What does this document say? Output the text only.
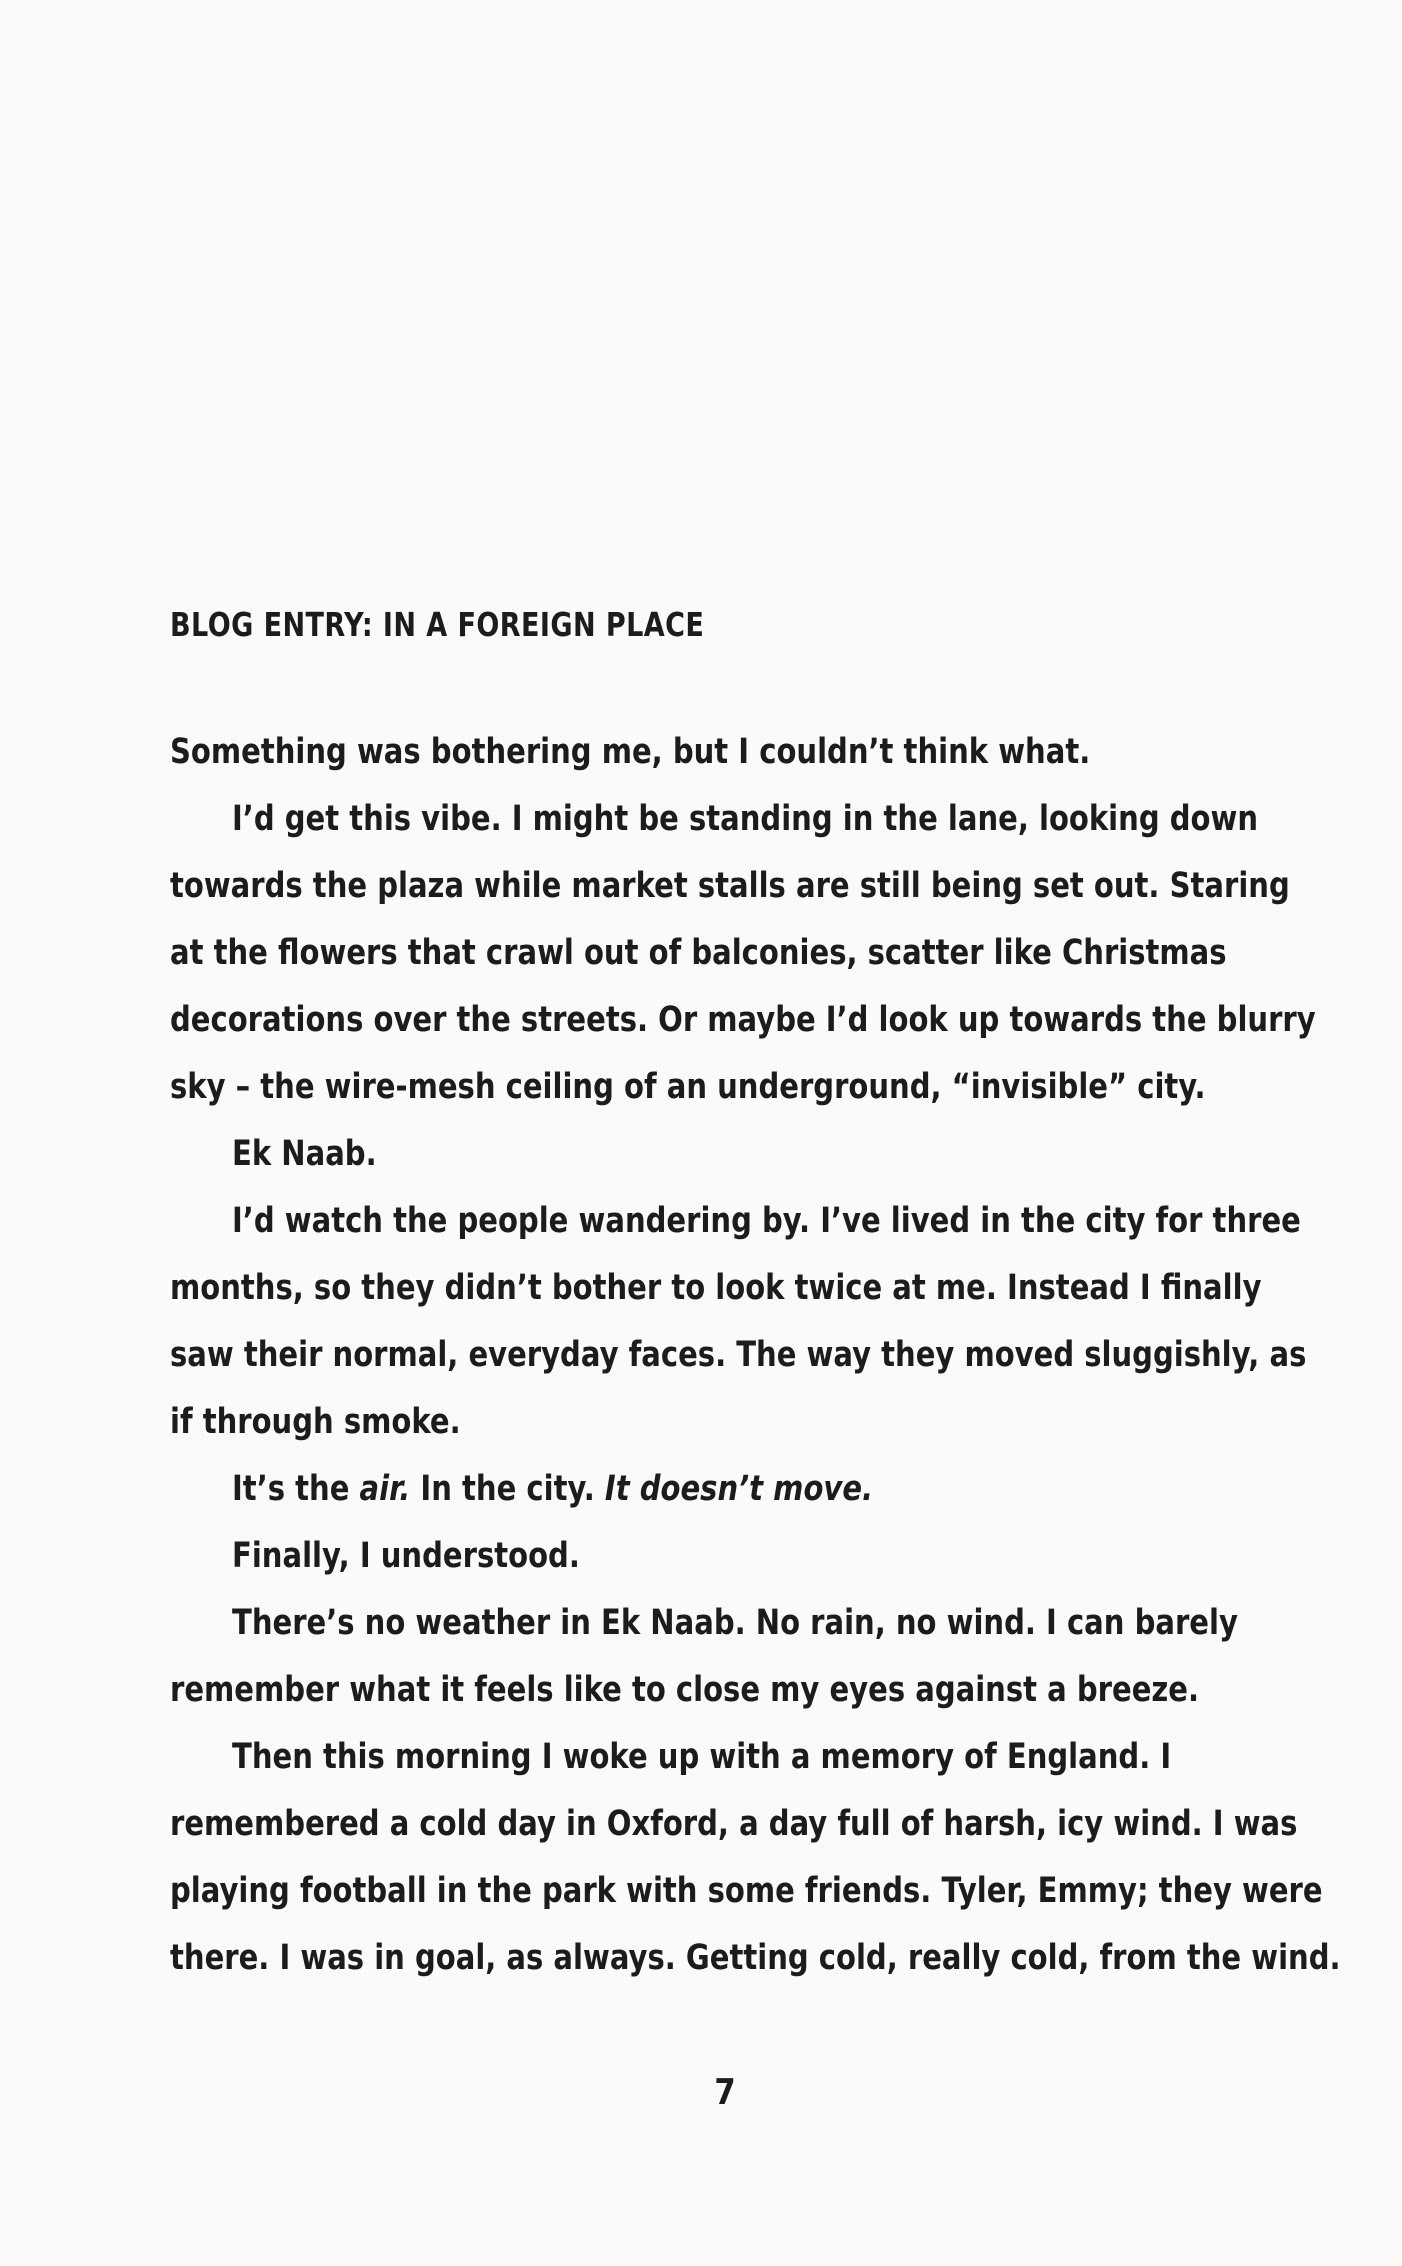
BLOG ENTRY: IN A FOREIGN PLACE
Something was bothering me, but I couldn’t think what.
I’d get this vibe. I might be standing in the lane, looking down
towards the plaza while market stalls are still being set out. Staring
at the flowers that crawl out of balconies, scatter like Christmas
decorations over the streets. Or maybe I’d look up towards the blurry
sky – the wire-mesh ceiling of an underground, “invisible” city.
Ek Naab.
I’d watch the people wandering by. I’ve lived in the city for three
months, so they didn’t bother to look twice at me. Instead I finally
saw their normal, everyday faces. The way they moved sluggishly, as
if through smoke.
It’s the air. In the city. It doesn’t move.
Finally, I understood.
There’s no weather in Ek Naab. No rain, no wind. I can barely
remember what it feels like to close my eyes against a breeze.
Then this morning I woke up with a memory of England. I
remembered a cold day in Oxford, a day full of harsh, icy wind. I was
playing football in the park with some friends. Tyler, Emmy; they were
there. I was in goal, as always. Getting cold, really cold, from the wind.
7
